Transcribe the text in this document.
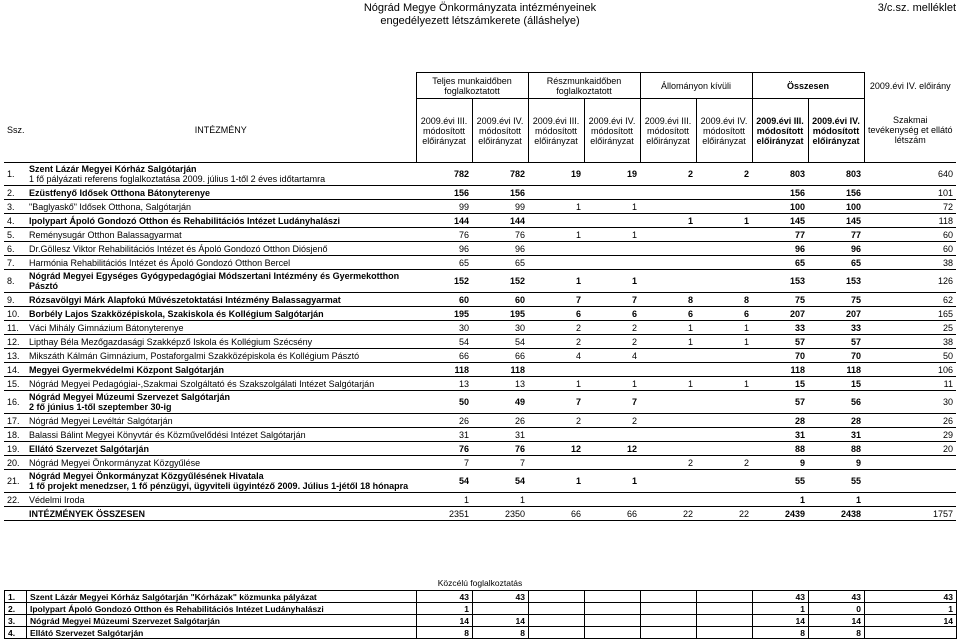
Nógrád Megye Önkormányzata intézményeinek
engedélyezett létszámkerete (álláshelye)
3/c.sz. melléklet
		Teljes munkaidőben foglalkoztatott		Részmunkaidőben foglalkoztatott		Állományon kívüli		Összesen		2009.évi IV. előirány
Ssz.	INTÉZMÉNY	2009.évi III. módosított előirányzat	2009.évi IV. módosított előirányzat	2009.évi III. módosított előirányzat	2009.évi IV. módosított előirányzat	2009.évi III. módosított előirányzat	2009.évi IV. módosított előirányzat	2009.évi III. módosított előirányzat	2009.évi IV. módosított előirányzat	Szakmai tevékenység et ellátó létszám
1.	Szent Lázár Megyei Kórház Salgótarján
1 fő pályázati referens foglalkoztatása 2009. július 1-től 2 éves időtartamra	782	782	19	19	2	2	803	803	640
2.	Ezüstfenyő Idősek Otthona Bátonyterenye	156	156					156	156	101
3.	"Baglyaskő" Idősek Otthona, Salgótarján	99	99	1	1			100	100	72
4.	Ipolypart Ápoló Gondozó Otthon és Rehabilitációs Intézet Ludányhalászi	144	144			1	1	145	145	118
5.	Reménysugár Otthon Balassagyarmat	76	76	1	1			77	77	60
6.	Dr.Göllesz Viktor Rehabilitációs Intézet és Ápoló Gondozó Otthon Diósjenő	96	96					96	96	60
7.	Harmónia Rehabilitációs Intézet és Ápoló Gondozó Otthon Bercel	65	65					65	65	38
8.	Nógrád Megyei Egységes Gyógypedagógiai Módszertani Intézmény és Gyermekotthon Pásztó	152	152	1	1			153	153	126
9.	Rózsavölgyi Márk Alapfokú Művészetoktatási Intézmény Balassagyarmat	60	60	7	7	8	8	75	75	62
10.	Borbély Lajos Szakközépiskola, Szakiskola és Kollégium Salgótarján	195	195	6	6	6	6	207	207	165
11.	Váci Mihály Gimnázium Bátonyterenye	30	30	2	2	1	1	33	33	25
12.	Lipthay Béla Mezőgazdasági Szakképző Iskola és Kollégium Szécsény	54	54	2	2	1	1	57	57	38
13.	Mikszáth Kálmán Gimnázium, Postaforgalmi Szakközépiskola és Kollégium Pásztó	66	66	4	4			70	70	50
14.	Megyei Gyermekvédelmi Központ Salgótarján	118	118					118	118	106
15.	Nógrád Megyei Pedagógiai-,Szakmai Szolgáltató és Szakszolgálati Intézet Salgótarján	13	13	1	1	1	1	15	15	11
16.	Nógrád Megyei Múzeumi Szervezet Salgótarján
2 fő június 1-től szeptember 30-ig	50	49	7	7			57	56	30
17.	Nógrád Megyei Levéltár Salgótarján	26	26	2	2			28	28	26
18.	Balassi Bálint Megyei Könyvtár és Közművelődési Intézet Salgótarján	31	31					31	31	29
19.	Ellátó Szervezet Salgótarján	76	76	12	12			88	88	20
20.	Nógrád Megyei Önkormányzat Közgyűlése	7	7			2	2	9	9	
21.	Nógrád Megyei Önkormányzat Közgyűlésének Hivatala
1 fő projekt menedzser, 1 fő pénzügyi, ügyviteli ügyintéző 2009. Július 1-jétől 18 hónapra	54	54	1	1			55	55	
22.	Védelmi Iroda	1	1					1	1	
	INTÉZMÉNYEK ÖSSZESEN	2351	2350	66	66	22	22	2439	2438	1757
Közcélú foglalkoztatás
1.	Szent Lázár Megyei Kórház Salgótarján "Kórházak" közmunka pályázat	43	43					43	43	43
2.	Ipolypart Ápoló Gondozó Otthon és Rehabilitációs Intézet Ludányhalászi	1						1	0	1
3.	Nógrád Megyei Múzeumi Szervezet Salgótarján	14	14					14	14	14
4.	Ellátó Szervezet Salgótarján	8	8					8	8	
